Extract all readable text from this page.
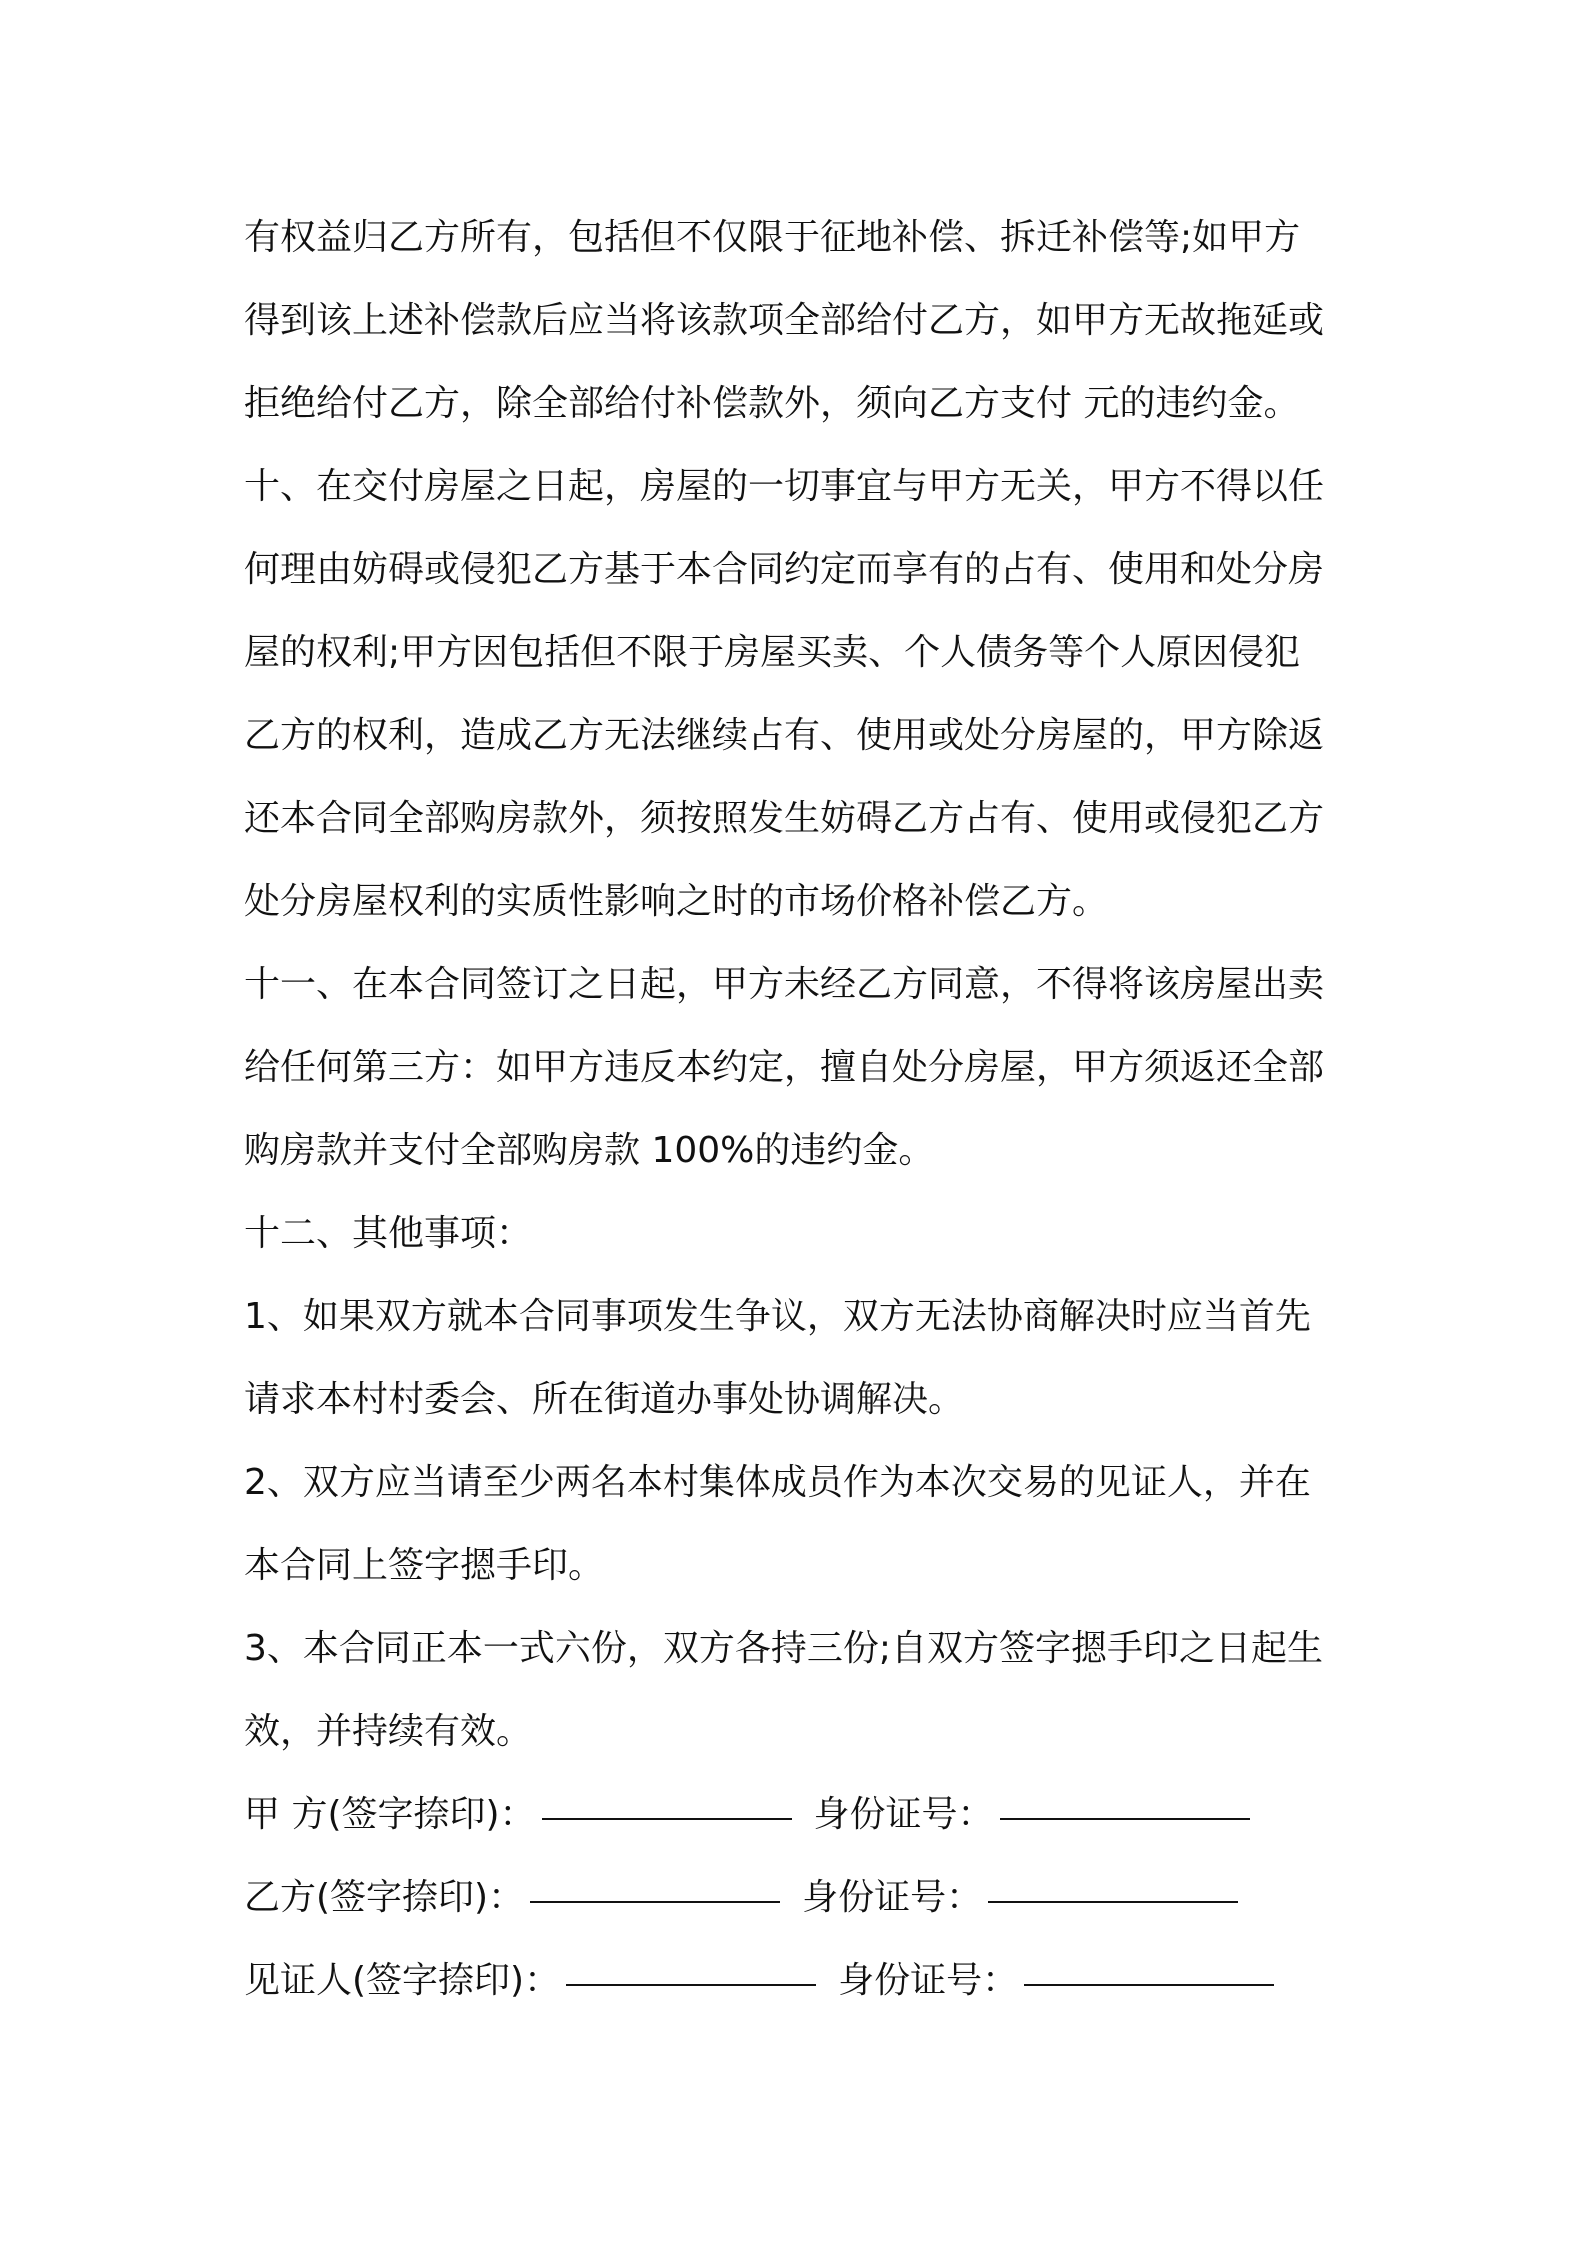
有权益归乙方所有，包括但不仅限于征地补偿、拆迁补偿等;如甲方
得到该上述补偿款后应当将该款项全部给付乙方，如甲方无故拖延或
拒绝给付乙方，除全部给付补偿款外，须向乙方支付 元的违约金。
十、在交付房屋之日起，房屋的一切事宜与甲方无关，甲方不得以任
何理由妨碍或侵犯乙方基于本合同约定而享有的占有、使用和处分房
屋的权利;甲方因包括但不限于房屋买卖、个人债务等个人原因侵犯
乙方的权利，造成乙方无法继续占有、使用或处分房屋的，甲方除返
还本合同全部购房款外，须按照发生妨碍乙方占有、使用或侵犯乙方
处分房屋权利的实质性影响之时的市场价格补偿乙方。
十一、在本合同签订之日起，甲方未经乙方同意，不得将该房屋出卖
给任何第三方：如甲方违反本约定，擅自处分房屋，甲方须返还全部
购房款并支付全部购房款 100%的违约金。
十二、其他事项：
1、如果双方就本合同事项发生争议，双方无法协商解决时应当首先
请求本村村委会、所在街道办事处协调解决。
2、双方应当请至少两名本村集体成员作为本次交易的见证人，并在
本合同上签字摁手印。
3、本合同正本一式六份，双方各持三份;自双方签字摁手印之日起生
效，并持续有效。
甲 方(签字捺印)：	身份证号：
乙方(签字捺印)：	身份证号：
见证人(签字捺印)：	身份证号：
